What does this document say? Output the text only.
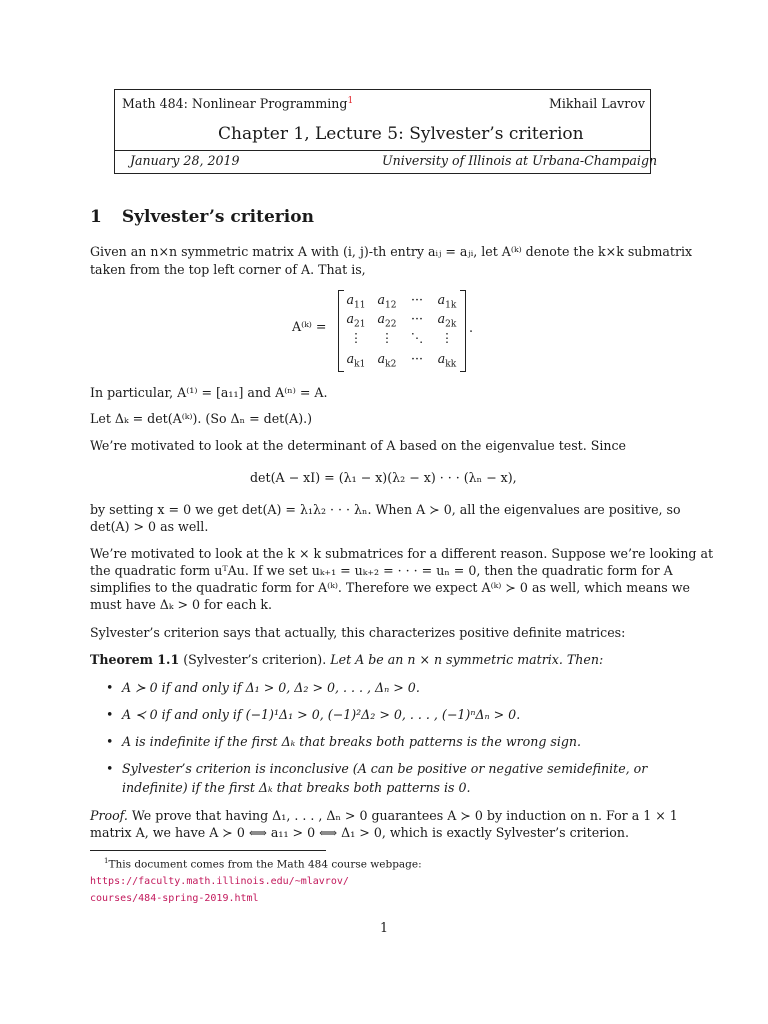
Math 484: Nonlinear Programming$^1$	Mikhail Lavrov
Chapter 1, Lecture 5: Sylvester’s criterion
January 28, 2019	University of Illinois at Urbana-Champaign
1 Sylvester’s criterion
Given an n×n symmetric matrix A with (i, j)-th entry aᵢⱼ = aⱼᵢ, let A⁽ᵏ⁾ denote the k×k submatrix
taken from the top left corner of A. That is,
A⁽ᵏ⁾ =
$a_{11}$ $a_{12}$	···	$a_{1k}$
$a_{21}$ $a_{22}$	···	$a_{2k}$
⋮	⋮	⋱	⋮
$a_{k1}$ $a_{k2}$	···	$a_{kk}$
.
In particular, A⁽¹⁾ = [a₁₁] and A⁽ⁿ⁾ = A.
Let Δₖ = det(A⁽ᵏ⁾). (So Δₙ = det(A).)
We’re motivated to look at the determinant of A based on the eigenvalue test. Since
det(A − xI) = (λ₁ − x)(λ₂ − x) · · · (λₙ − x),
by setting x = 0 we get det(A) = λ₁λ₂ · · · λₙ. When A ≻ 0, all the eigenvalues are positive, so
det(A) > 0 as well.
We’re motivated to look at the k × k submatrices for a different reason. Suppose we’re looking at
the quadratic form uᵀAu. If we set uₖ₊₁ = uₖ₊₂ = · · · = uₙ = 0, then the quadratic form for A
simplifies to the quadratic form for A⁽ᵏ⁾. Therefore we expect A⁽ᵏ⁾ ≻ 0 as well, which means we
must have Δₖ > 0 for each k.
Sylvester’s criterion says that actually, this characterizes positive definite matrices:
Theorem 1.1 (Sylvester’s criterion). Let A be an n × n symmetric matrix. Then:
• A ≻ 0 if and only if Δ₁ > 0, Δ₂ > 0, . . . , Δₙ > 0.
• A ≺ 0 if and only if (−1)¹Δ₁ > 0, (−1)²Δ₂ > 0, . . . , (−1)ⁿΔₙ > 0.
• A is indefinite if the first Δₖ that breaks both patterns is the wrong sign.
• Sylvester’s criterion is inconclusive (A can be positive or negative semidefinite, or indefinite) if the first Δₖ that breaks both patterns is 0.
Proof. We prove that having Δ₁, . . . , Δₙ > 0 guarantees A ≻ 0 by induction on n. For a 1 × 1
matrix A, we have A ≻ 0 ⟺ a₁₁ > 0 ⟺ Δ₁ > 0, which is exactly Sylvester’s criterion.
$^1$This document comes from the Math 484 course webpage: https://faculty.math.illinois.edu/~mlavrov/
courses/484-spring-2019.html
1
